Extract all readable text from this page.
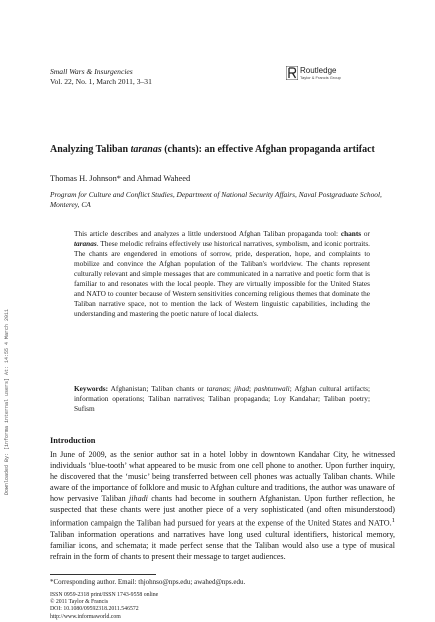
Downloaded By: [informa internal users] At: 14:55 4 March 2011
Small Wars & Insurgencies
Vol. 22, No. 1, March 2011, 3–31
Routledge
Taylor & Francis Group
Analyzing Taliban taranas (chants): an effective Afghan propaganda artifact
Thomas H. Johnson* and Ahmad Waheed
Program for Culture and Conflict Studies, Department of National Security Affairs, Naval Postgraduate School, Monterey, CA
This article describes and analyzes a little understood Afghan Taliban propaganda tool: chants or taranas. These melodic refrains effectively use historical narratives, symbolism, and iconic portraits. The chants are engendered in emotions of sorrow, pride, desperation, hope, and complaints to mobilize and convince the Afghan population of the Taliban's worldview. The chants represent culturally relevant and simple messages that are communicated in a narrative and poetic form that is familiar to and resonates with the local people. They are virtually impossible for the United States and NATO to counter because of Western sensitivities concerning religious themes that dominate the Taliban narrative space, not to mention the lack of Western linguistic capabilities, including the understanding and mastering the poetic nature of local dialects.
Keywords: Afghanistan; Taliban chants or taranas; jihad; pashtunwali; Afghan cultural artifacts; information operations; Taliban narratives; Taliban propaganda; Loy Kandahar; Taliban poetry; Sufism
Introduction
In June of 2009, as the senior author sat in a hotel lobby in downtown Kandahar City, he witnessed individuals ‘blue-tooth’ what appeared to be music from one cell phone to another. Upon further inquiry, he discovered that the ‘music’ being transferred between cell phones was actually Taliban chants. While aware of the importance of folklore and music to Afghan culture and traditions, the author was unaware of how pervasive Taliban jihadi chants had become in southern Afghanistan. Upon further reflection, he suspected that these chants were just another piece of a very sophisticated (and often misunderstood) information campaign the Taliban had pursued for years at the expense of the United States and NATO.$^1$ Taliban information operations and narratives have long used cultural identifiers, historical memory, familiar icons, and schemata; it made perfect sense that the Taliban would also use a type of musical refrain in the form of chants to present their message to target audiences.
*Corresponding author. Email: thjohnso@nps.edu; awahed@nps.edu.
ISSN 0959-2318 print/ISSN 1743-9558 online
© 2011 Taylor & Francis
DOI: 10.1080/09592318.2011.546572
http://www.informaworld.com
